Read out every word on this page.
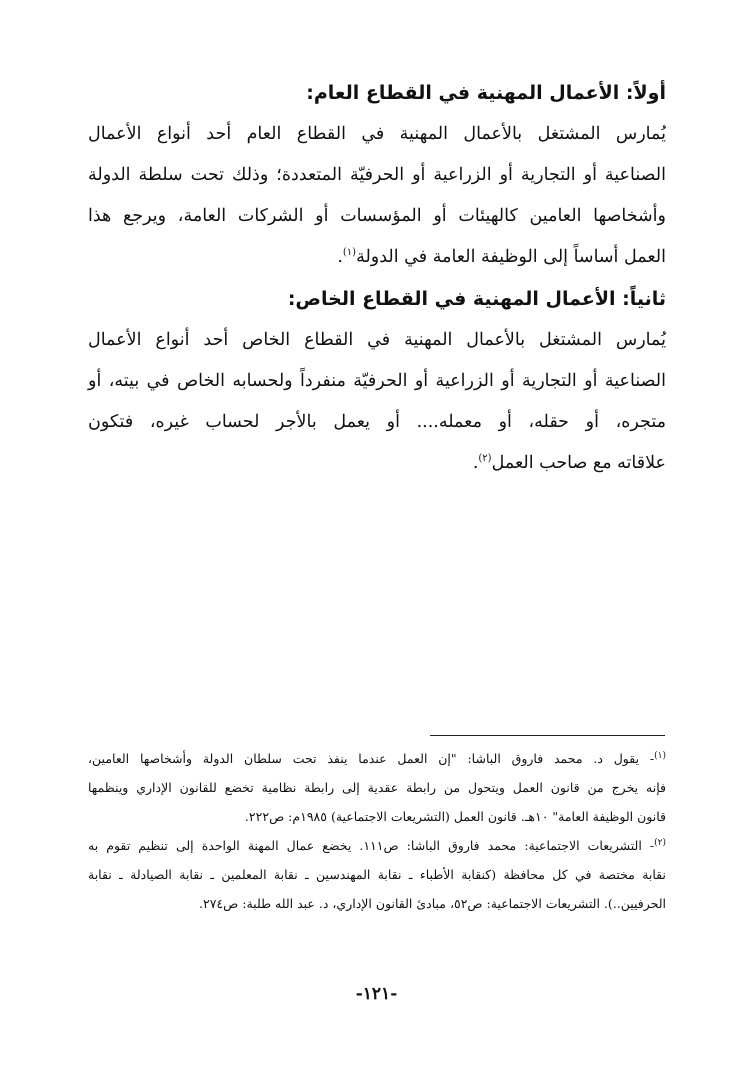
أولاً: الأعمال المهنية في القطاع العام:

يُمارس المشتغل بالأعمال المهنية في القطاع العام أحد أنواع الأعمال
الصناعية أو التجارية أو الزراعية أو الحرفيّة المتعددة؛ وذلك تحت سلطة الدولة
وأشخاصها العامين كالهيئات أو المؤسسات أو الشركات العامة، ويرجع هذا
العمل أساساً إلى الوظيفة العامة في الدولة$^{(١)}$.

ثانياً: الأعمال المهنية في القطاع الخاص:

يُمارس المشتغل بالأعمال المهنية في القطاع الخاص أحد أنواع الأعمال
الصناعية أو التجارية أو الزراعية أو الحرفيّة منفرداً ولحسابه الخاص في بيته، أو
متجره، أو حقله، أو معمله.... أو يعمل بالأجر لحساب غيره، فتكون
علاقاته مع صاحب العمل$^{(٢)}$.

$^{(١)}$- يقول د. محمد فاروق الباشا: "إن العمل عندما ينفذ تحت سلطان الدولة وأشخاصها العامين،
فإنه يخرج من قانون العمل ويتحول من رابطة عقدية إلى رابطة نظامية تخضع للقانون الإداري وينظمها
قانون الوظيفة العامة" ١٠هـ. قانون العمل (التشريعات الاجتماعية) ١٩٨٥م: ص٢٢٢.
$^{(٢)}$- التشريعات الاجتماعية: محمد فاروق الباشا: ص١١١. يخضع عمال المهنة الواحدة إلى تنظيم تقوم به
نقابة مختصة في كل محافظة (كنقابة الأطباء ـ نقابة المهندسين ـ نقابة المعلمين ـ نقابة الصيادلة ـ نقابة
الحرفيين..). التشريعات الاجتماعية: ص٥٢، مبادئ القانون الإداري، د. عبد الله طلبة: ص٢٧٤.
-١٢١-
